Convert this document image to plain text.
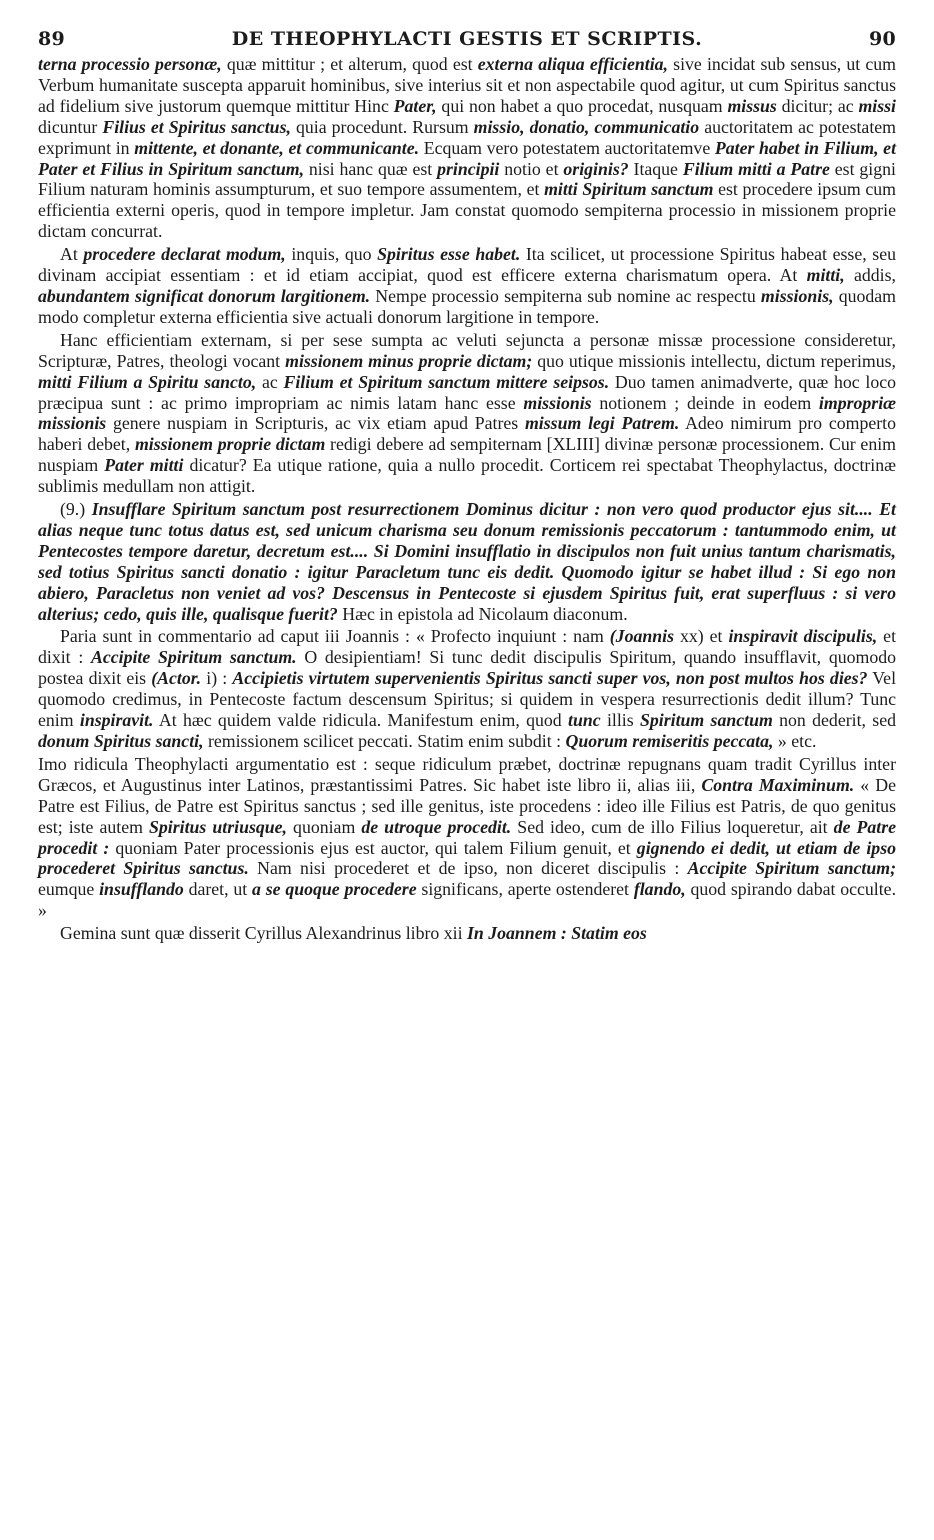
89	DE THEOPHYLACTI GESTIS ET SCRIPTIS.	90

terna processio personæ, quæ mittitur ; et alterum, quod est externa aliqua efficientia, sive incidat sub sensus, ut cum Verbum humanitate suscepta apparuit hominibus, sive interius sit et non aspectabile quod agitur, ut cum Spiritus sanctus ad fidelium sive justorum quemque mittitur Hinc Pater, qui non habet a quo procedat, nusquam missus dicitur; ac missi dicuntur Filius et Spiritus sanctus, quia procedunt. Rursum missio, donatio, communicatio auctoritatem ac potestatem exprimunt in mittente, et donante, et communicante. Ecquam vero potestatem auctoritatemve Pater habet in Filium, et Pater et Filius in Spiritum sanctum, nisi hanc quæ est principii notio et originis? Itaque Filium mitti a Patre est gigni Filium naturam hominis assumpturum, et suo tempore assumentem, et mitti Spiritum sanctum est procedere ipsum cum efficientia externi operis, quod in tempore impletur. Jam constat quomodo sempiterna processio in missionem proprie dictam concurrat.

At procedere declarat modum, inquis, quo Spiritus esse habet. Ita scilicet, ut processione Spiritus habeat esse, seu divinam accipiat essentiam : et id etiam accipiat, quod est efficere externa charismatum opera. At mitti, addis, abundantem significat donorum largitionem. Nempe processio sempiterna sub nomine ac respectu missionis, quodam modo completur externa efficientia sive actuali donorum largitione in tempore.

Hanc efficientiam externam, si per sese sumpta ac veluti sejuncta a personæ missæ processione consideretur, Scripturæ, Patres, theologi vocant missionem minus proprie dictam; quo utique missionis intellectu, dictum reperimus, mitti Filium a Spiritu sancto, ac Filium et Spiritum sanctum mittere seipsos. Duo tamen animadverte, quæ hoc loco præcipua sunt : ac primo impropriam ac nimis latam hanc esse missionis notionem ; deinde in eodem impropriæ missionis genere nuspiam in Scripturis, ac vix etiam apud Patres missum legi Patrem. Adeo nimirum pro comperto haberi debet, missionem proprie dictam redigi debere ad sempiternam [XLIII] divinæ personæ processionem. Cur enim nuspiam Pater mitti dicatur? Ea utique ratione, quia a nullo procedit. Corticem rei spectabat Theophylactus, doctrinæ sublimis medullam non attigit.

(9.) Insufflare Spiritum sanctum post resurrectionem Dominus dicitur : non vero quod productor ejus sit.... Et alias neque tunc totus datus est, sed unicum charisma seu donum remissionis peccatorum : tantummodo enim, ut Pentecostes tempore daretur, decretum est.... Si Domini insufflatio in discipulos non fuit unius tantum charismatis, sed totius Spiritus sancti donatio : igitur Paracletum tunc eis dedit. Quomodo igitur se habet illud : Si ego non abiero, Paracletus non veniet ad vos? Descensus in Pentecoste si ejusdem Spiritus fuit, erat superfluus : si vero alterius; cedo, quis ille, qualisque fuerit? Hæc in epistola ad Nicolaum diaconum.

Paria sunt in commentario ad caput iii Joannis : « Profecto inquiunt : nam (Joannis xx) et inspiravit discipulis, et dixit : Accipite Spiritum sanctum. O desipientiam! Si tunc dedit discipulis Spiritum, quando insufflavit, quomodo postea dixit eis (Actor. i) : Accipietis virtutem supervenientis Spiritus sancti super vos, non post multos hos dies? Vel quomodo credimus, in Pentecoste factum descensum Spiritus; si quidem in vespera resurrectionis dedit illum? Tunc enim inspiravit. At hæc quidem valde ridicula. Manifestum enim, quod tunc illis Spiritum sanctum non dederit, sed donum Spiritus sancti, remissionem scilicet peccati. Statim enim subdit : Quorum remiseritis peccata, » etc.

Imo ridicula Theophylacti argumentatio est : seque ridiculum præbet, doctrinæ repugnans quam tradit Cyrillus inter Græcos, et Augustinus inter Latinos, præstantissimi Patres. Sic habet iste libro ii, alias iii, Contra Maximinum. « De Patre est Filius, de Patre est Spiritus sanctus ; sed ille genitus, iste procedens : ideo ille Filius est Patris, de quo genitus est; iste autem Spiritus utriusque, quoniam de utroque procedit. Sed ideo, cum de illo Filius loqueretur, ait de Patre procedit : quoniam Pater processionis ejus est auctor, qui talem Filium genuit, et gignendo ei dedit, ut etiam de ipso procederet Spiritus sanctus. Nam nisi procederet et de ipso, non diceret discipulis : Accipite Spiritum sanctum; eumque insufflando daret, ut a se quoque procedere significans, aperte ostenderet flando, quod spirando dabat occulte. »

Gemina sunt quæ disserit Cyrillus Alexandrinus libro xii In Joannem : Statim eos
